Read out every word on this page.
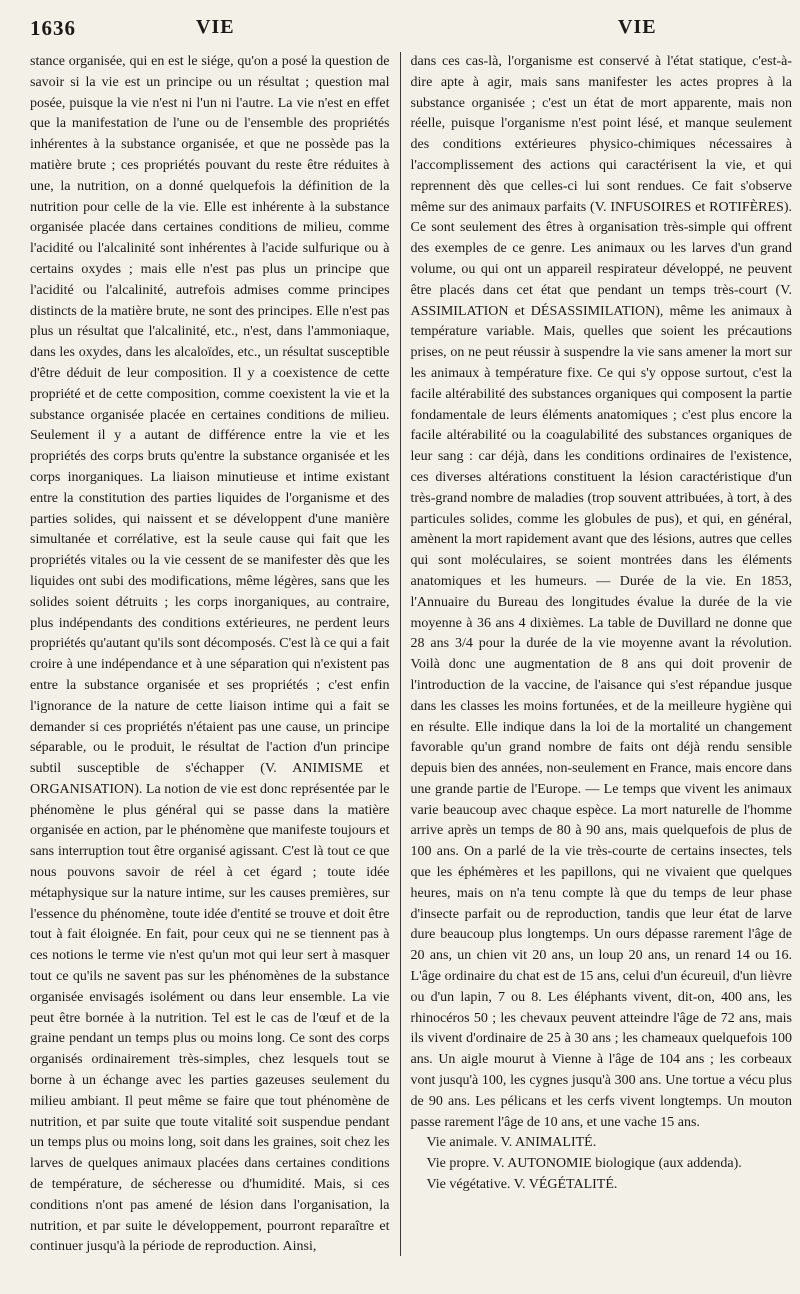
1636	VIE	VIE

stance organisée, qui en est le siége, qu'on a posé la question de savoir si la vie est un principe ou un résultat ; question mal posée, puisque la vie n'est ni l'un ni l'autre. La vie n'est en effet que la manifestation de l'une ou de l'ensemble des propriétés inhérentes à la substance organisée, et que ne possède pas la matière brute ; ces propriétés pouvant du reste être réduites à une, la nutrition, on a donné quelquefois la définition de la nutrition pour celle de la vie. Elle est inhérente à la substance organisée placée dans certaines conditions de milieu, comme l'acidité ou l'alcalinité sont inhérentes à l'acide sulfurique ou à certains oxydes ; mais elle n'est pas plus un principe que l'acidité ou l'alcalinité, autrefois admises comme principes distincts de la matière brute, ne sont des principes. Elle n'est pas plus un résultat que l'alcalinité, etc., n'est, dans l'ammoniaque, dans les oxydes, dans les alcaloïdes, etc., un résultat susceptible d'être déduit de leur composition. Il y a coexistence de cette propriété et de cette composition, comme coexistent la vie et la substance organisée placée en certaines conditions de milieu. Seulement il y a autant de différence entre la vie et les propriétés des corps bruts qu'entre la substance organisée et les corps inorganiques. La liaison minutieuse et intime existant entre la constitution des parties liquides de l'organisme et des parties solides, qui naissent et se développent d'une manière simultanée et corrélative, est la seule cause qui fait que les propriétés vitales ou la vie cessent de se manifester dès que les liquides ont subi des modifications, même légères, sans que les solides soient détruits ; les corps inorganiques, au contraire, plus indépendants des conditions extérieures, ne perdent leurs propriétés qu'autant qu'ils sont décomposés. C'est là ce qui a fait croire à une indépendance et à une séparation qui n'existent pas entre la substance organisée et ses propriétés ; c'est enfin l'ignorance de la nature de cette liaison intime qui a fait se demander si ces propriétés n'étaient pas une cause, un principe séparable, ou le produit, le résultat de l'action d'un principe subtil susceptible de s'échapper (V. ANIMISME et ORGANISATION). La notion de vie est donc représentée par le phénomène le plus général qui se passe dans la matière organisée en action, par le phénomène que manifeste toujours et sans interruption tout être organisé agissant. C'est là tout ce que nous pouvons savoir de réel à cet égard ; toute idée métaphysique sur la nature intime, sur les causes premières, sur l'essence du phénomène, toute idée d'entité se trouve et doit être tout à fait éloignée. En fait, pour ceux qui ne se tiennent pas à ces notions le terme vie n'est qu'un mot qui leur sert à masquer tout ce qu'ils ne savent pas sur les phénomènes de la substance organisée envisagés isolément ou dans leur ensemble. La vie peut être bornée à la nutrition. Tel est le cas de l'œuf et de la graine pendant un temps plus ou moins long. Ce sont des corps organisés ordinairement très-simples, chez lesquels tout se borne à un échange avec les parties gazeuses seulement du milieu ambiant. Il peut même se faire que tout phénomène de nutrition, et par suite que toute vitalité soit suspendue pendant un temps plus ou moins long, soit dans les graines, soit chez les larves de quelques animaux placées dans certaines conditions de température, de sécheresse ou d'humidité. Mais, si ces conditions n'ont pas amené de lésion dans l'organisation, la nutrition, et par suite le développement, pourront reparaître et continuer jusqu'à la période de reproduction. Ainsi,

dans ces cas-là, l'organisme est conservé à l'état statique, c'est-à-dire apte à agir, mais sans manifester les actes propres à la substance organisée ; c'est un état de mort apparente, mais non réelle, puisque l'organisme n'est point lésé, et manque seulement des conditions extérieures physico-chimiques nécessaires à l'accomplissement des actions qui caractérisent la vie, et qui reprennent dès que celles-ci lui sont rendues. Ce fait s'observe même sur des animaux parfaits (V. INFUSOIRES et ROTIFÈRES). Ce sont seulement des êtres à organisation très-simple qui offrent des exemples de ce genre. Les animaux ou les larves d'un grand volume, ou qui ont un appareil respirateur développé, ne peuvent être placés dans cet état que pendant un temps très-court (V. ASSIMILATION et DÉSASSIMILATION), même les animaux à température variable. Mais, quelles que soient les précautions prises, on ne peut réussir à suspendre la vie sans amener la mort sur les animaux à température fixe. Ce qui s'y oppose surtout, c'est la facile altérabilité des substances organiques qui composent la partie fondamentale de leurs éléments anatomiques ; c'est plus encore la facile altérabilité ou la coagulabilité des substances organiques de leur sang : car déjà, dans les conditions ordinaires de l'existence, ces diverses altérations constituent la lésion caractéristique d'un très-grand nombre de maladies (trop souvent attribuées, à tort, à des particules solides, comme les globules de pus), et qui, en général, amènent la mort rapidement avant que des lésions, autres que celles qui sont moléculaires, se soient montrées dans les éléments anatomiques et les humeurs. — Durée de la vie. En 1853, l'Annuaire du Bureau des longitudes évalue la durée de la vie moyenne à 36 ans 4 dixièmes. La table de Duvillard ne donne que 28 ans 3/4 pour la durée de la vie moyenne avant la révolution. Voilà donc une augmentation de 8 ans qui doit provenir de l'introduction de la vaccine, de l'aisance qui s'est répandue jusque dans les classes les moins fortunées, et de la meilleure hygiène qui en résulte. Elle indique dans la loi de la mortalité un changement favorable qu'un grand nombre de faits ont déjà rendu sensible depuis bien des années, non-seulement en France, mais encore dans une grande partie de l'Europe. — Le temps que vivent les animaux varie beaucoup avec chaque espèce. La mort naturelle de l'homme arrive après un temps de 80 à 90 ans, mais quelquefois de plus de 100 ans. On a parlé de la vie très-courte de certains insectes, tels que les éphémères et les papillons, qui ne vivaient que quelques heures, mais on n'a tenu compte là que du temps de leur phase d'insecte parfait ou de reproduction, tandis que leur état de larve dure beaucoup plus longtemps. Un ours dépasse rarement l'âge de 20 ans, un chien vit 20 ans, un loup 20 ans, un renard 14 ou 16. L'âge ordinaire du chat est de 15 ans, celui d'un écureuil, d'un lièvre ou d'un lapin, 7 ou 8. Les éléphants vivent, dit-on, 400 ans, les rhinocéros 50 ; les chevaux peuvent atteindre l'âge de 72 ans, mais ils vivent d'ordinaire de 25 à 30 ans ; les chameaux quelquefois 100 ans. Un aigle mourut à Vienne à l'âge de 104 ans ; les corbeaux vont jusqu'à 100, les cygnes jusqu'à 300 ans. Une tortue a vécu plus de 90 ans. Les pélicans et les cerfs vivent longtemps. Un mouton passe rarement l'âge de 10 ans, et une vache 15 ans.

Vie animale. V. ANIMALITÉ.

Vie propre. V. AUTONOMIE biologique (aux addenda).

Vie végétative. V. VÉGÉTALITÉ.
